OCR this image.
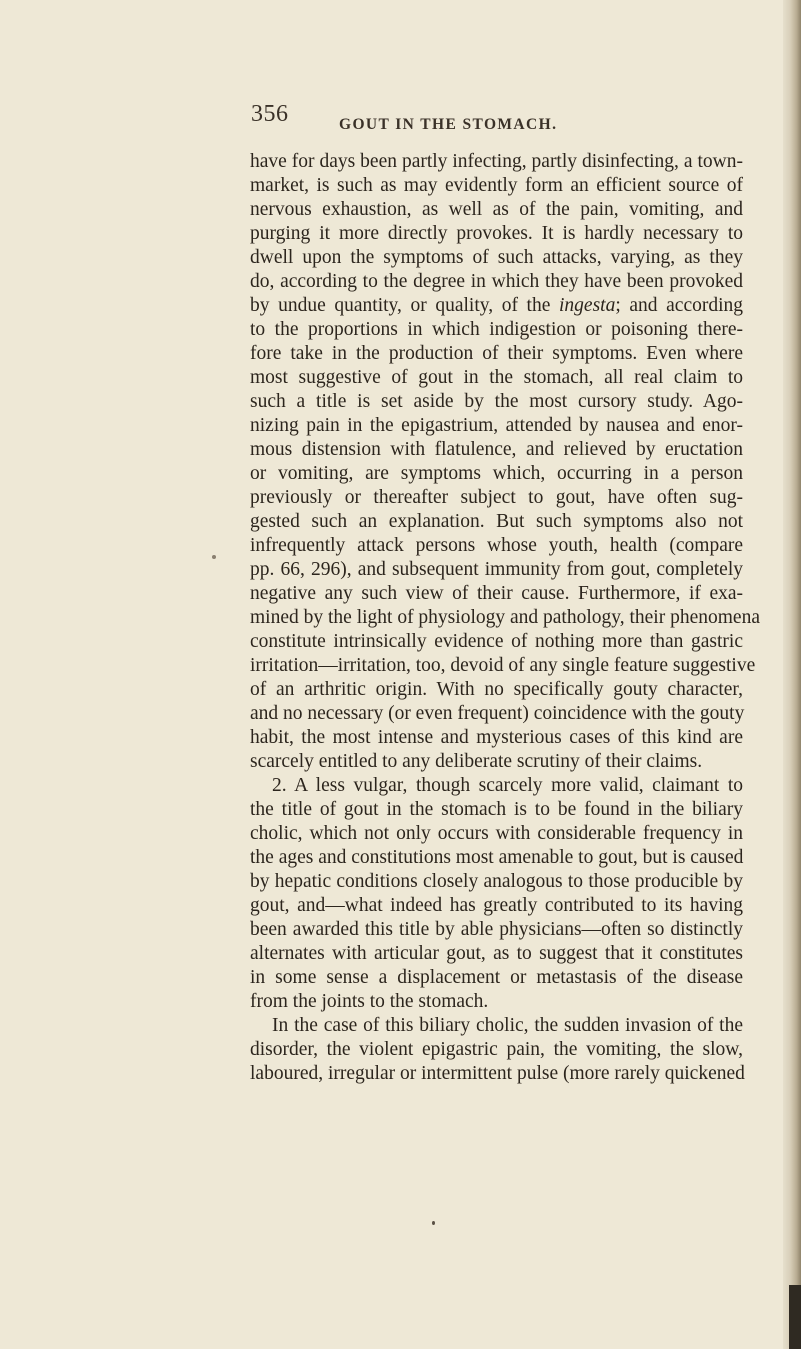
356	GOUT IN THE STOMACH.
have for days been partly infecting, partly disinfecting, a town-
market, is such as may evidently form an efficient source of
nervous exhaustion, as well as of the pain, vomiting, and
purging it more directly provokes. It is hardly necessary to
dwell upon the symptoms of such attacks, varying, as they
do, according to the degree in which they have been provoked
by undue quantity, or quality, of the ingesta; and according
to the proportions in which indigestion or poisoning there-
fore take in the production of their symptoms. Even where
most suggestive of gout in the stomach, all real claim to
such a title is set aside by the most cursory study. Ago-
nizing pain in the epigastrium, attended by nausea and enor-
mous distension with flatulence, and relieved by eructation
or vomiting, are symptoms which, occurring in a person
previously or thereafter subject to gout, have often sug-
gested such an explanation. But such symptoms also not
infrequently attack persons whose youth, health (compare
pp. 66, 296), and subsequent immunity from gout, completely
negative any such view of their cause. Furthermore, if exa-
mined by the light of physiology and pathology, their phenomena
constitute intrinsically evidence of nothing more than gastric
irritation—irritation, too, devoid of any single feature suggestive
of an arthritic origin. With no specifically gouty character,
and no necessary (or even frequent) coincidence with the gouty
habit, the most intense and mysterious cases of this kind are
scarcely entitled to any deliberate scrutiny of their claims.
2. A less vulgar, though scarcely more valid, claimant to
the title of gout in the stomach is to be found in the biliary
cholic, which not only occurs with considerable frequency in
the ages and constitutions most amenable to gout, but is caused
by hepatic conditions closely analogous to those producible by
gout, and—what indeed has greatly contributed to its having
been awarded this title by able physicians—often so distinctly
alternates with articular gout, as to suggest that it constitutes
in some sense a displacement or metastasis of the disease
from the joints to the stomach.
In the case of this biliary cholic, the sudden invasion of the
disorder, the violent epigastric pain, the vomiting, the slow,
laboured, irregular or intermittent pulse (more rarely quickened
